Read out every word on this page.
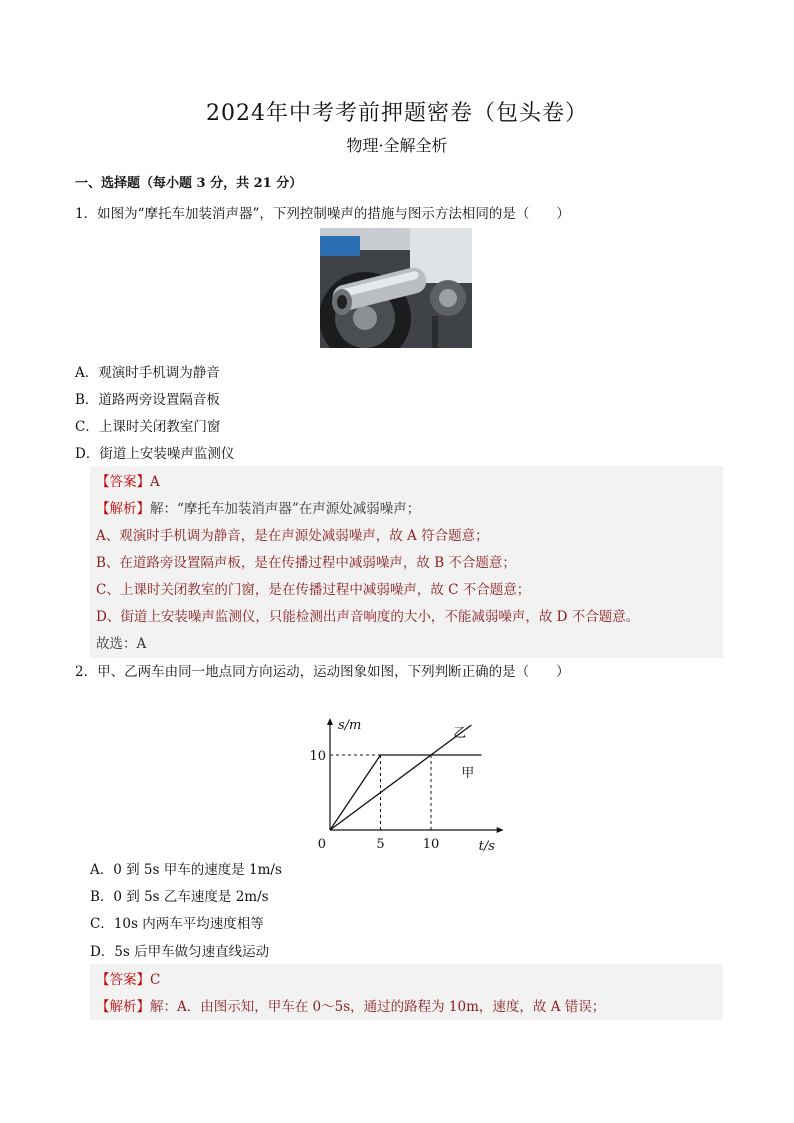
2024年中考考前押题密卷（包头卷）
物理·全解全析
一、选择题（每小题 3 分，共 21 分）
1．如图为“摩托车加装消声器”，下列控制噪声的措施与图示方法相同的是（　　）
A．观演时手机调为静音
B．道路两旁设置隔音板
C．上课时关闭教室门窗
D．街道上安装噪声监测仪
【答案】A
【解析】解：“摩托车加装消声器”在声源处减弱噪声；
A、观演时手机调为静音，是在声源处减弱噪声，故 A 符合题意；
B、在道路旁设置隔声板，是在传播过程中减弱噪声，故 B 不合题意；
C、上课时关闭教室的门窗，是在传播过程中减弱噪声，故 C 不合题意；
D、街道上安装噪声监测仪，只能检测出声音响度的大小，不能减弱噪声，故 D 不合题意。
故选：A
2．甲、乙两车由同一地点同方向运动，运动图象如图，下列判断正确的是（　　）
s/m
t/s
0	5	10
10
甲
乙
A．0 到 5s 甲车的速度是 1m/s
B．0 到 5s 乙车速度是 2m/s
C．10s 内两车平均速度相等
D．5s 后甲车做匀速直线运动
【答案】C
【解析】解：A．由图示知，甲车在 0～5s，通过的路程为 10m，速度，故 A 错误；
